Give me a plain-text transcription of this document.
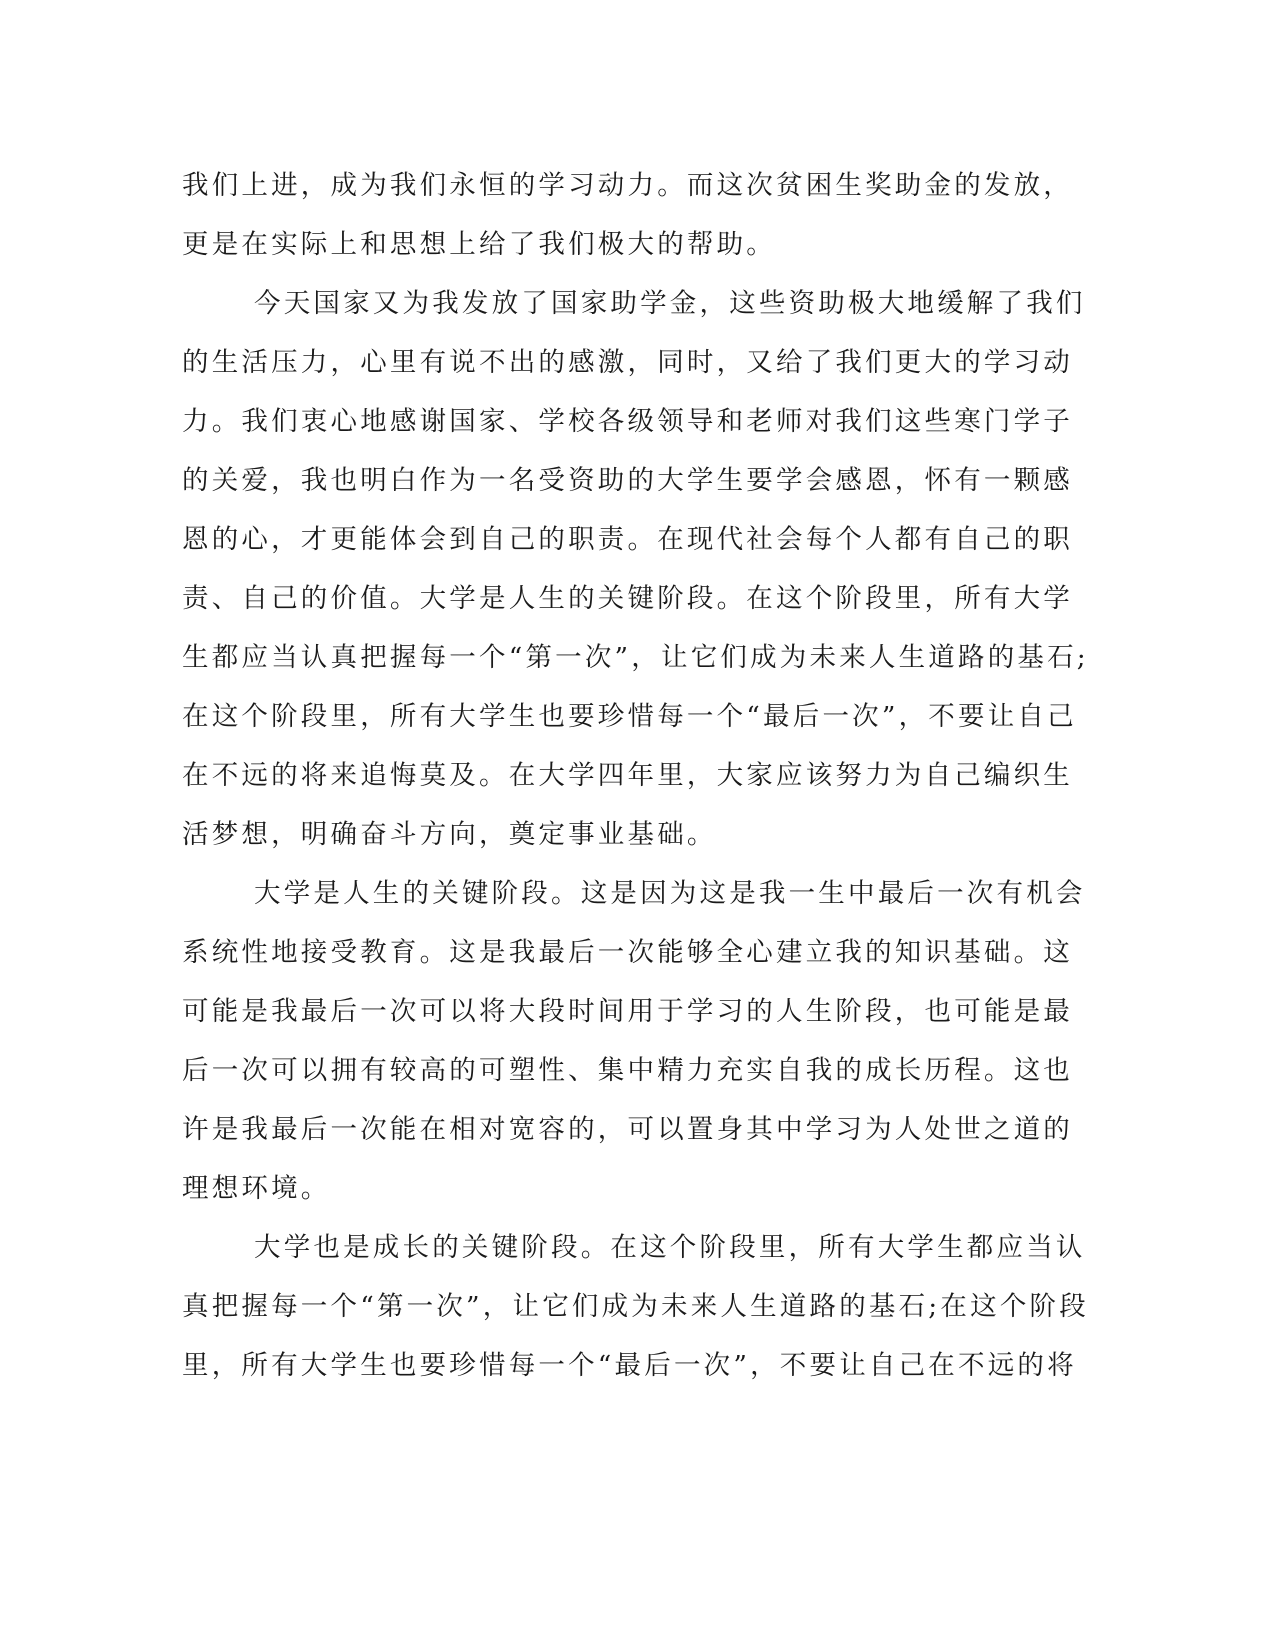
我们上进，成为我们永恒的学习动力。而这次贫困生奖助金的发放，
更是在实际上和思想上给了我们极大的帮助。
今天国家又为我发放了国家助学金，这些资助极大地缓解了我们
的生活压力，心里有说不出的感激，同时，又给了我们更大的学习动
力。我们衷心地感谢国家、学校各级领导和老师对我们这些寒门学子
的关爱，我也明白作为一名受资助的大学生要学会感恩，怀有一颗感
恩的心，才更能体会到自己的职责。在现代社会每个人都有自己的职
责、自己的价值。大学是人生的关键阶段。在这个阶段里，所有大学
生都应当认真把握每一个“第一次”，让它们成为未来人生道路的基石;
在这个阶段里，所有大学生也要珍惜每一个“最后一次”，不要让自己
在不远的将来追悔莫及。在大学四年里，大家应该努力为自己编织生
活梦想，明确奋斗方向，奠定事业基础。
大学是人生的关键阶段。这是因为这是我一生中最后一次有机会
系统性地接受教育。这是我最后一次能够全心建立我的知识基础。这
可能是我最后一次可以将大段时间用于学习的人生阶段，也可能是最
后一次可以拥有较高的可塑性、集中精力充实自我的成长历程。这也
许是我最后一次能在相对宽容的，可以置身其中学习为人处世之道的
理想环境。
大学也是成长的关键阶段。在这个阶段里，所有大学生都应当认
真把握每一个“第一次”，让它们成为未来人生道路的基石;在这个阶段
里，所有大学生也要珍惜每一个“最后一次”，不要让自己在不远的将
